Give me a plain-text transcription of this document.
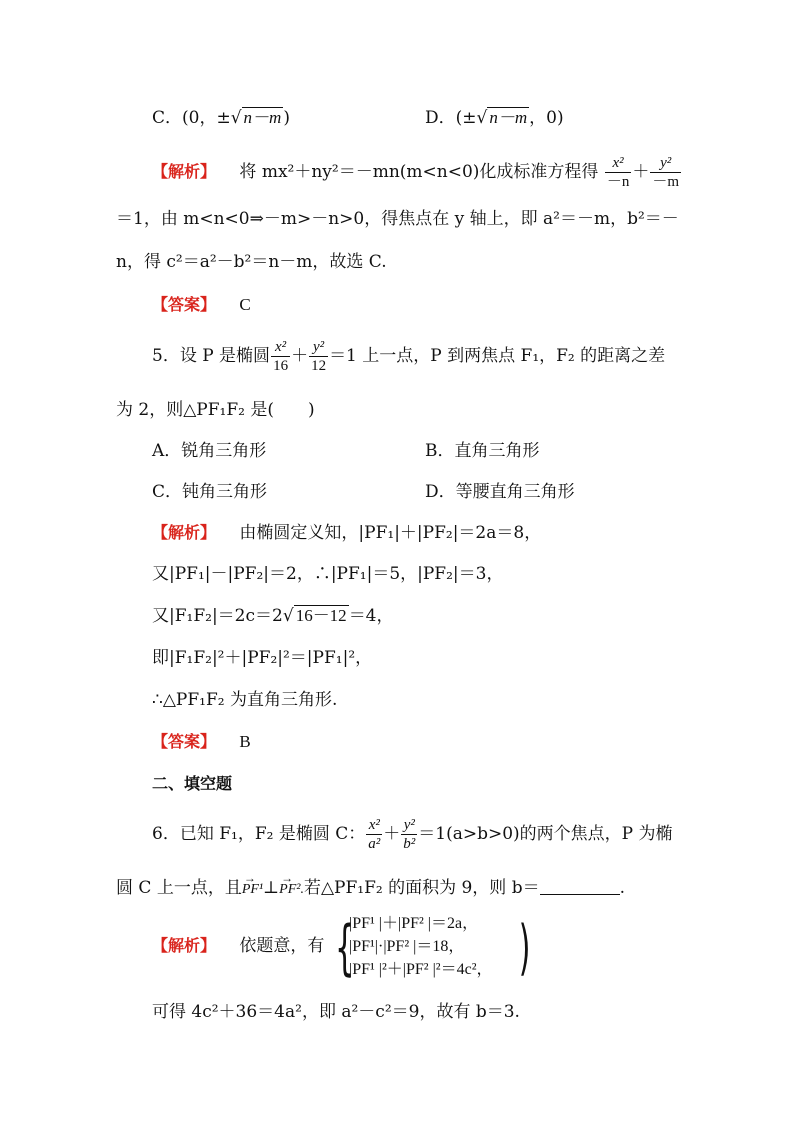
C．(0，±√ n－m )	D．(±√ n－m ，0)
【解析】 将 mx²＋ny²＝－mn(m<n<0)化成标准方程得 $\frac{\text{x²}}{-n} + \frac{\text{y²}}{-m}$
＝1，由 m<n<0⇒－m>－n>0，得焦点在 y 轴上，即 a²＝－m，b²＝－
n，得 c²＝a²－b²＝n－m，故选 C.
【答案】 C
5．设 P 是椭圆 $\frac{\text{x²}}{16} + \frac{\text{y²}}{12} =1$ 上一点，P 到两焦点 F₁，F₂ 的距离之差
为 2，则△PF₁F₂ 是(　　)
A．锐角三角形	B．直角三角形
C．钝角三角形	D．等腰直角三角形
【解析】 由椭圆定义知，|PF₁|＋|PF₂|＝2a＝8，
又|PF₁|－|PF₂|＝2，∴|PF₁|＝5，|PF₂|＝3，
又|F₁F₂|＝2c＝2√ 16－12 ＝4，
即|F₁F₂|²＋|PF₂|²＝|PF₁|²，
∴△PF₁F₂ 为直角三角形.
【答案】 B
二、填空题
6．已知 F₁，F₂ 是椭圆 C： $\frac{\text{x²}}{\text{a²}} + \frac{\text{y²}}{\text{b²}} =1(a>b>0)$的两个焦点，P 为椭
圆 C 上一点，且→ PF¹⊥→ PF².若△PF₁F₂ 的面积为 9，则 b＝	.
【解析】 依题意，有 {
|PF¹ |＋|PF² |＝2a，
|PF¹|·|PF² |＝18，
|PF¹ |²＋|PF² |²＝4c²， )
可得 4c²＋36＝4a²，即 a²－c²＝9，故有 b＝3.
